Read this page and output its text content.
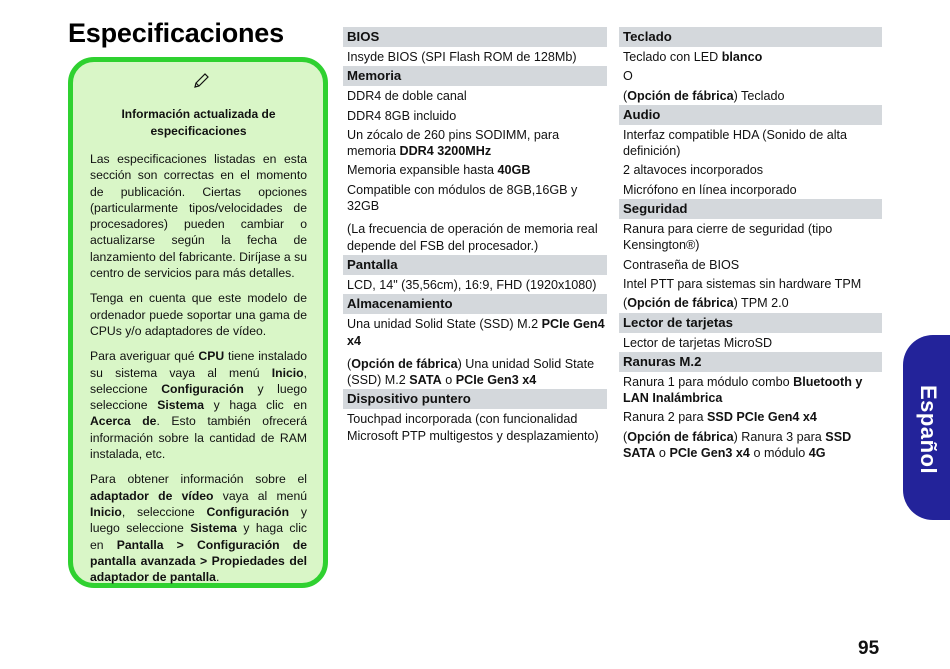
Especificaciones
Información actualizada de especificaciones

Las especificaciones listadas en esta sección son correctas en el momento de publicación. Ciertas opciones (particularmente tipos/velocidades de procesadores) pueden cambiar o actualizarse según la fecha de lanzamiento del fabricante. Diríjase a su centro de servicios para más detalles.

Tenga en cuenta que este modelo de ordenador puede soportar una gama de CPUs y/o adaptadores de vídeo.

Para averiguar qué CPU tiene instalado su sistema vaya al menú Inicio, seleccione Configuración y luego seleccione Sistema y haga clic en Acerca de. Esto también ofrecerá información sobre la cantidad de RAM instalada, etc.

Para obtener información sobre el adaptador de vídeo vaya al menú Inicio, seleccione Configuración y luego seleccione Sistema y haga clic en Pantalla > Configuración de pantalla avanzada > Propiedades del adaptador de pantalla.

BIOS
Insyde BIOS (SPI Flash ROM de 128Mb)
Memoria
DDR4 de doble canal
DDR4 8GB incluido
Un zócalo de 260 pins SODIMM, para memoria DDR4 3200MHz
Memoria expansible hasta 40GB
Compatible con módulos de 8GB,16GB y 32GB
(La frecuencia de operación de memoria real depende del FSB del procesador.)
Pantalla
LCD, 14" (35,56cm), 16:9, FHD (1920x1080)
Almacenamiento
Una unidad Solid State (SSD) M.2 PCIe Gen4 x4
(Opción de fábrica) Una unidad Solid State (SSD) M.2 SATA o PCIe Gen3 x4
Dispositivo puntero
Touchpad incorporada (con funcionalidad Microsoft PTP multigestos y desplazamiento)
Teclado
Teclado con LED blanco
O
(Opción de fábrica) Teclado
Audio
Interfaz compatible HDA (Sonido de alta definición)
2 altavoces incorporados
Micrófono en línea incorporado
Seguridad
Ranura para cierre de seguridad (tipo Kensington®)
Contraseña de BIOS
Intel PTT para sistemas sin hardware TPM
(Opción de fábrica) TPM 2.0
Lector de tarjetas
Lector de tarjetas MicroSD
Ranuras M.2
Ranura 1 para módulo combo Bluetooth y LAN Inalámbrica
Ranura 2 para SSD PCIe Gen4 x4
(Opción de fábrica) Ranura 3 para SSD SATA o PCIe Gen3 x4 o módulo 4G	Español
95
